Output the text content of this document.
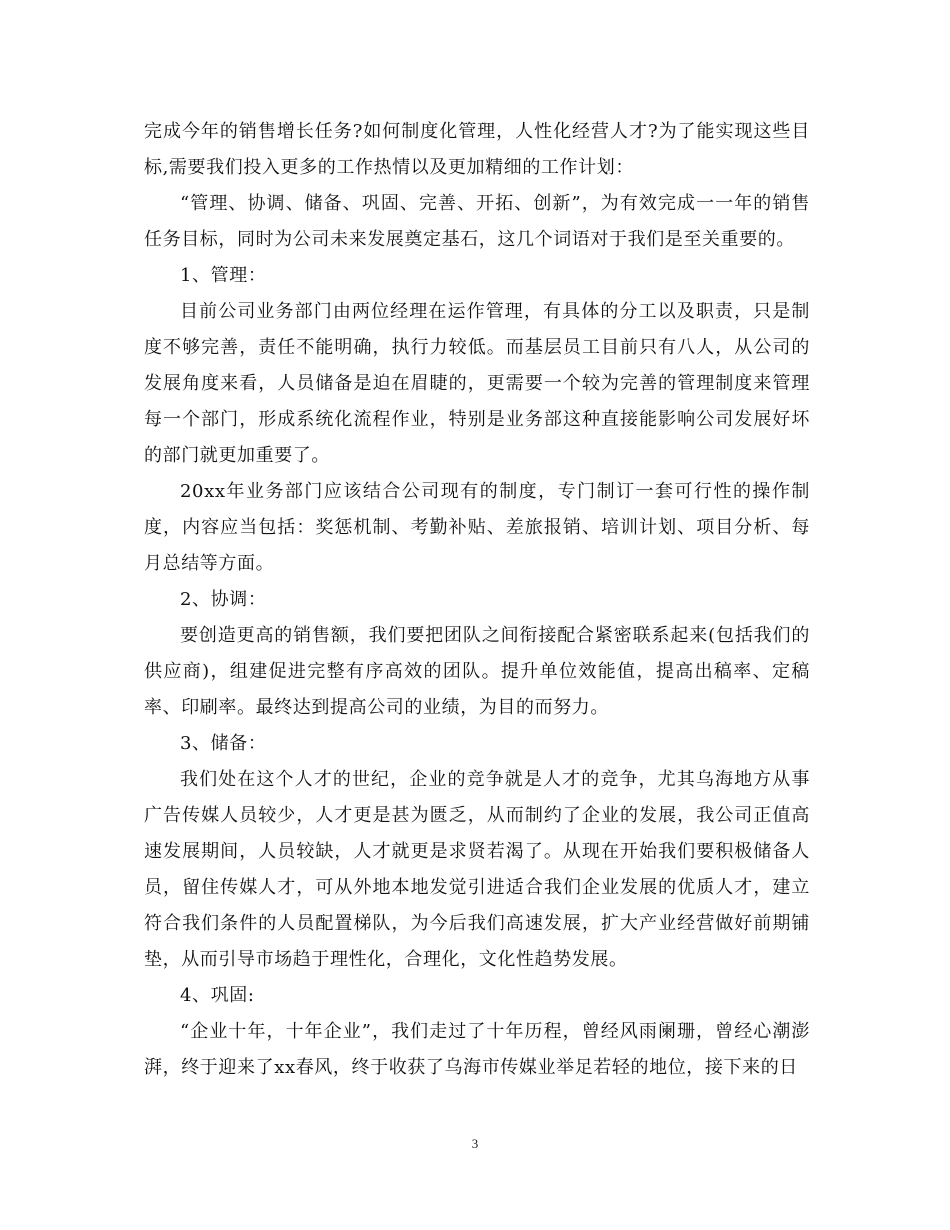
完成今年的销售增长任务?如何制度化管理，人性化经营人才?为了能实现这些目标,需要我们投入更多的工作热情以及更加精细的工作计划：

“管理、协调、储备、巩固、完善、开拓、创新”，为有效完成一一年的销售任务目标，同时为公司未来发展奠定基石，这几个词语对于我们是至关重要的。

1、管理：

目前公司业务部门由两位经理在运作管理，有具体的分工以及职责，只是制度不够完善，责任不能明确，执行力较低。而基层员工目前只有八人，从公司的发展角度来看，人员储备是迫在眉睫的，更需要一个较为完善的管理制度来管理每一个部门，形成系统化流程作业，特别是业务部这种直接能影响公司发展好坏的部门就更加重要了。

20xx年业务部门应该结合公司现有的制度，专门制订一套可行性的操作制度，内容应当包括：奖惩机制、考勤补贴、差旅报销、培训计划、项目分析、每月总结等方面。

2、协调：

要创造更高的销售额，我们要把团队之间衔接配合紧密联系起来(包括我们的供应商)，组建促进完整有序高效的团队。提升单位效能值，提高出稿率、定稿率、印刷率。最终达到提高公司的业绩，为目的而努力。

3、储备：

我们处在这个人才的世纪，企业的竞争就是人才的竞争，尤其乌海地方从事广告传媒人员较少，人才更是甚为匮乏，从而制约了企业的发展，我公司正值高速发展期间，人员较缺，人才就更是求贤若渴了。从现在开始我们要积极储备人员，留住传媒人才，可从外地本地发觉引进适合我们企业发展的优质人才，建立符合我们条件的人员配置梯队，为今后我们高速发展，扩大产业经营做好前期铺垫，从而引导市场趋于理性化，合理化，文化性趋势发展。

4、巩固:

“企业十年，十年企业”，我们走过了十年历程，曾经风雨阑珊，曾经心潮澎湃，终于迎来了xx春风，终于收获了乌海市传媒业举足若轻的地位，接下来的日

3
